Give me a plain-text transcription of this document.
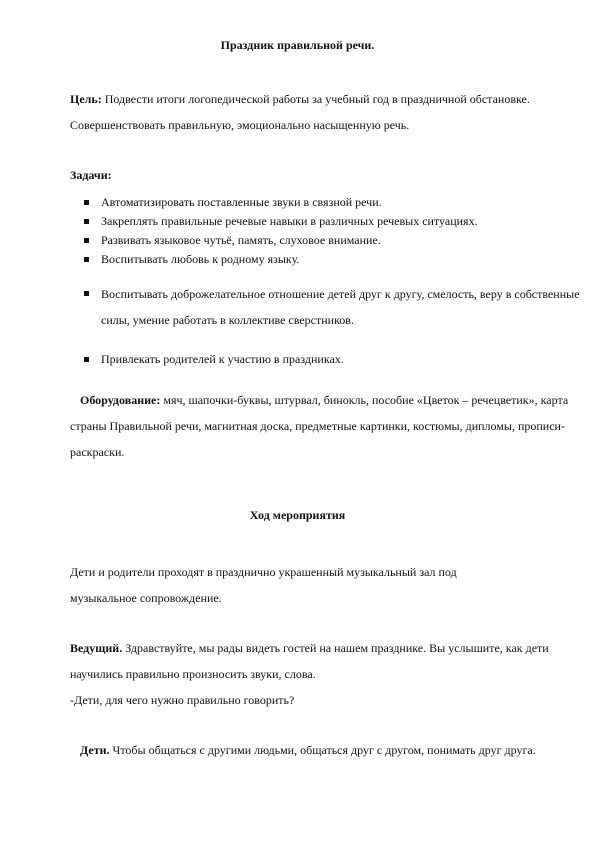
Праздник правильной речи.

Цель: Подвести итоги логопедической работы за учебный год в праздничной обстановке. Совершенствовать правильную, эмоционально насыщенную речь.

Задачи:

Автоматизировать поставленные звуки в связной речи.
Закреплять правильные речевые навыки в различных речевых ситуациях.
Развивать языковое чутьё, память, слуховое внимание.
Воспитывать любовь к родному языку.
Воспитывать доброжелательное отношение детей друг к другу, смелость, веру в собственные силы, умение работать в коллективе сверстников.
Привлекать родителей к участию в праздниках.

Оборудование: мяч, шапочки-буквы, штурвал, бинокль, пособие «Цветок – речецветик», карта страны Правильной речи, магнитная доска, предметные картинки, костюмы, дипломы, прописи-раскраски.

Ход мероприятия

Дети и родители проходят в празднично украшенный музыкальный зал под музыкальное сопровождение.

Ведущий. Здравствуйте, мы рады видеть гостей на нашем празднике. Вы услышите, как дети научились правильно произносить звуки, слова.

-Дети, для чего нужно правильно говорить?

Дети. Чтобы общаться с другими людьми, общаться друг с другом, понимать друг друга.
